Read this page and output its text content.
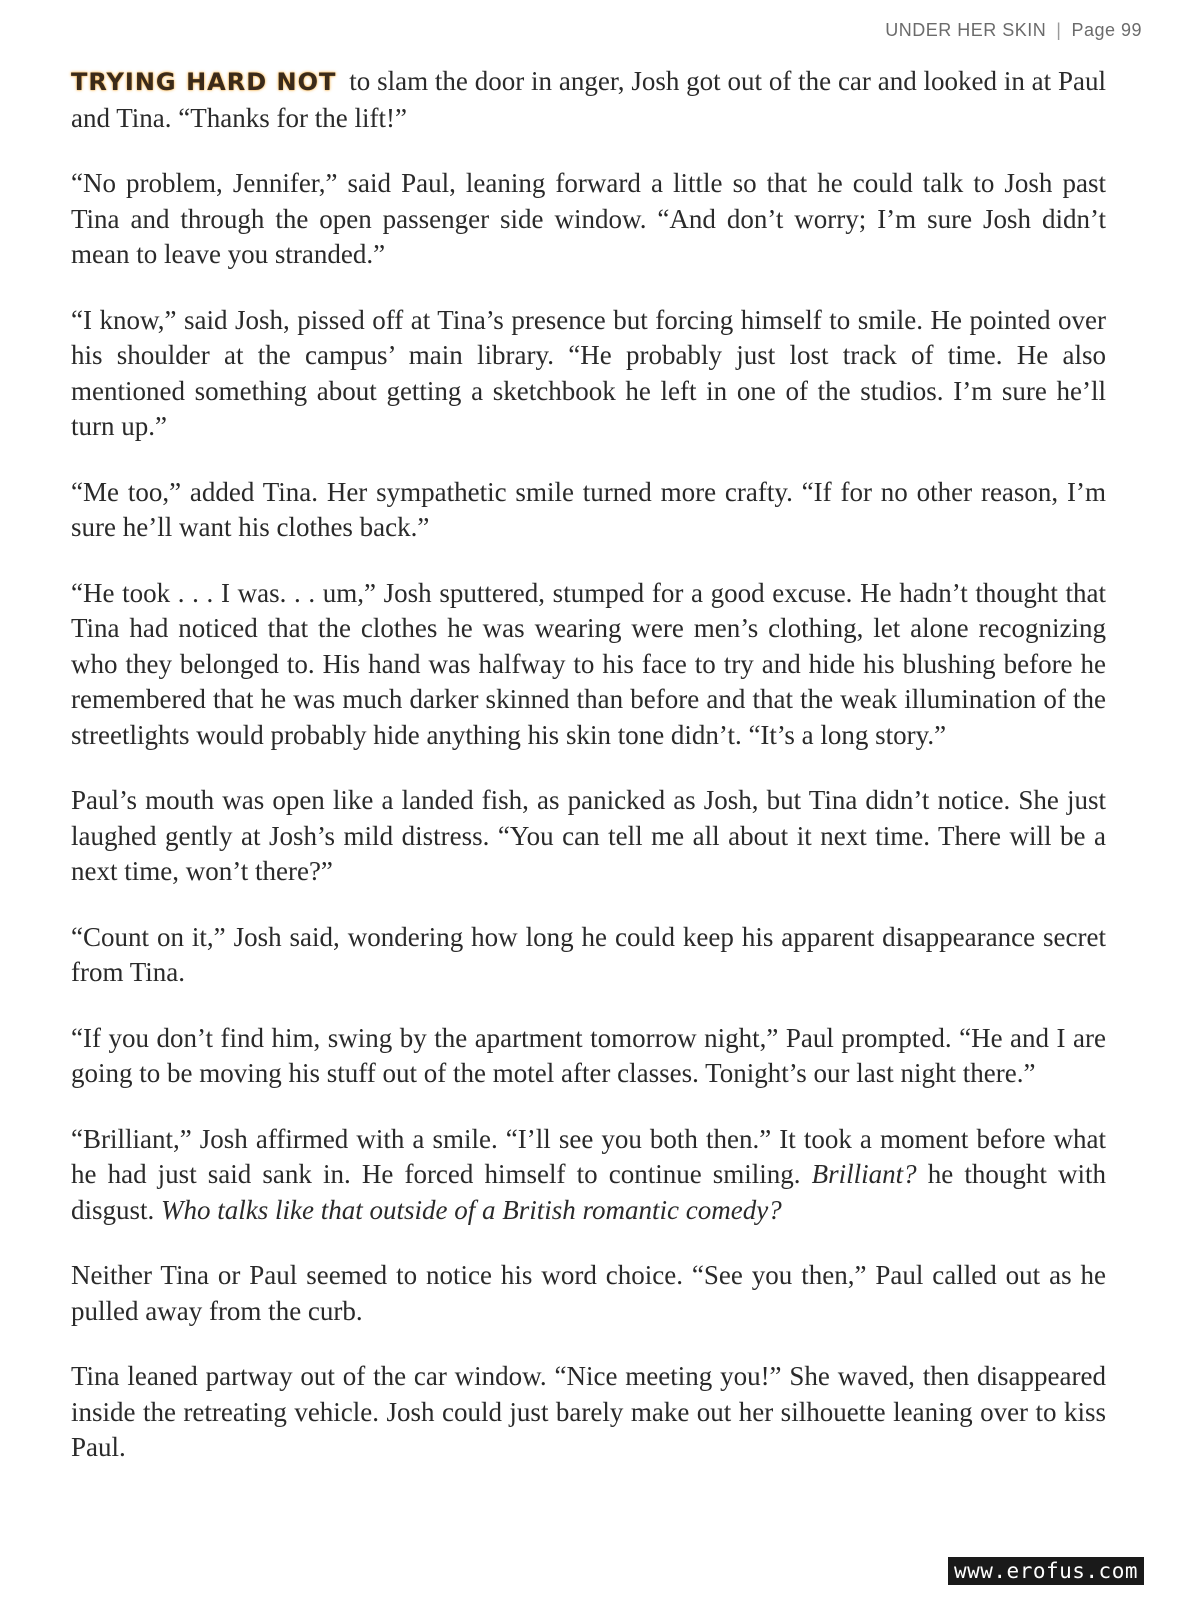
UNDER HER SKIN | Page 99

TRYING HARD NOT to slam the door in anger, Josh got out of the car and looked in at Paul and Tina. “Thanks for the lift!”

“No problem, Jennifer,” said Paul, leaning forward a little so that he could talk to Josh past Tina and through the open passenger side window. “And don’t worry; I’m sure Josh didn’t mean to leave you stranded.”

“I know,” said Josh, pissed off at Tina’s presence but forcing himself to smile. He pointed over his shoulder at the campus’ main library. “He probably just lost track of time. He also mentioned something about getting a sketchbook he left in one of the studios. I’m sure he’ll turn up.”

“Me too,” added Tina. Her sympathetic smile turned more crafty. “If for no other reason, I’m sure he’ll want his clothes back.”

“He took . . . I was. . . um,” Josh sputtered, stumped for a good excuse. He hadn’t thought that Tina had noticed that the clothes he was wearing were men’s clothing, let alone recognizing who they belonged to. His hand was halfway to his face to try and hide his blushing before he remembered that he was much darker skinned than before and that the weak illumination of the streetlights would probably hide anything his skin tone didn’t. “It’s a long story.”

Paul’s mouth was open like a landed fish, as panicked as Josh, but Tina didn’t notice. She just laughed gently at Josh’s mild distress. “You can tell me all about it next time. There will be a next time, won’t there?”

“Count on it,” Josh said, wondering how long he could keep his apparent disappearance secret from Tina.

“If you don’t find him, swing by the apartment tomorrow night,” Paul prompted. “He and I are going to be moving his stuff out of the motel after classes. Tonight’s our last night there.”

“Brilliant,” Josh affirmed with a smile. “I’ll see you both then.” It took a moment before what he had just said sank in. He forced himself to continue smiling. Brilliant? he thought with disgust. Who talks like that outside of a British romantic comedy?

Neither Tina or Paul seemed to notice his word choice. “See you then,” Paul called out as he pulled away from the curb.

Tina leaned partway out of the car window. “Nice meeting you!” She waved, then disappeared inside the retreating vehicle. Josh could just barely make out her silhouette leaning over to kiss Paul.

www.erofus.com
